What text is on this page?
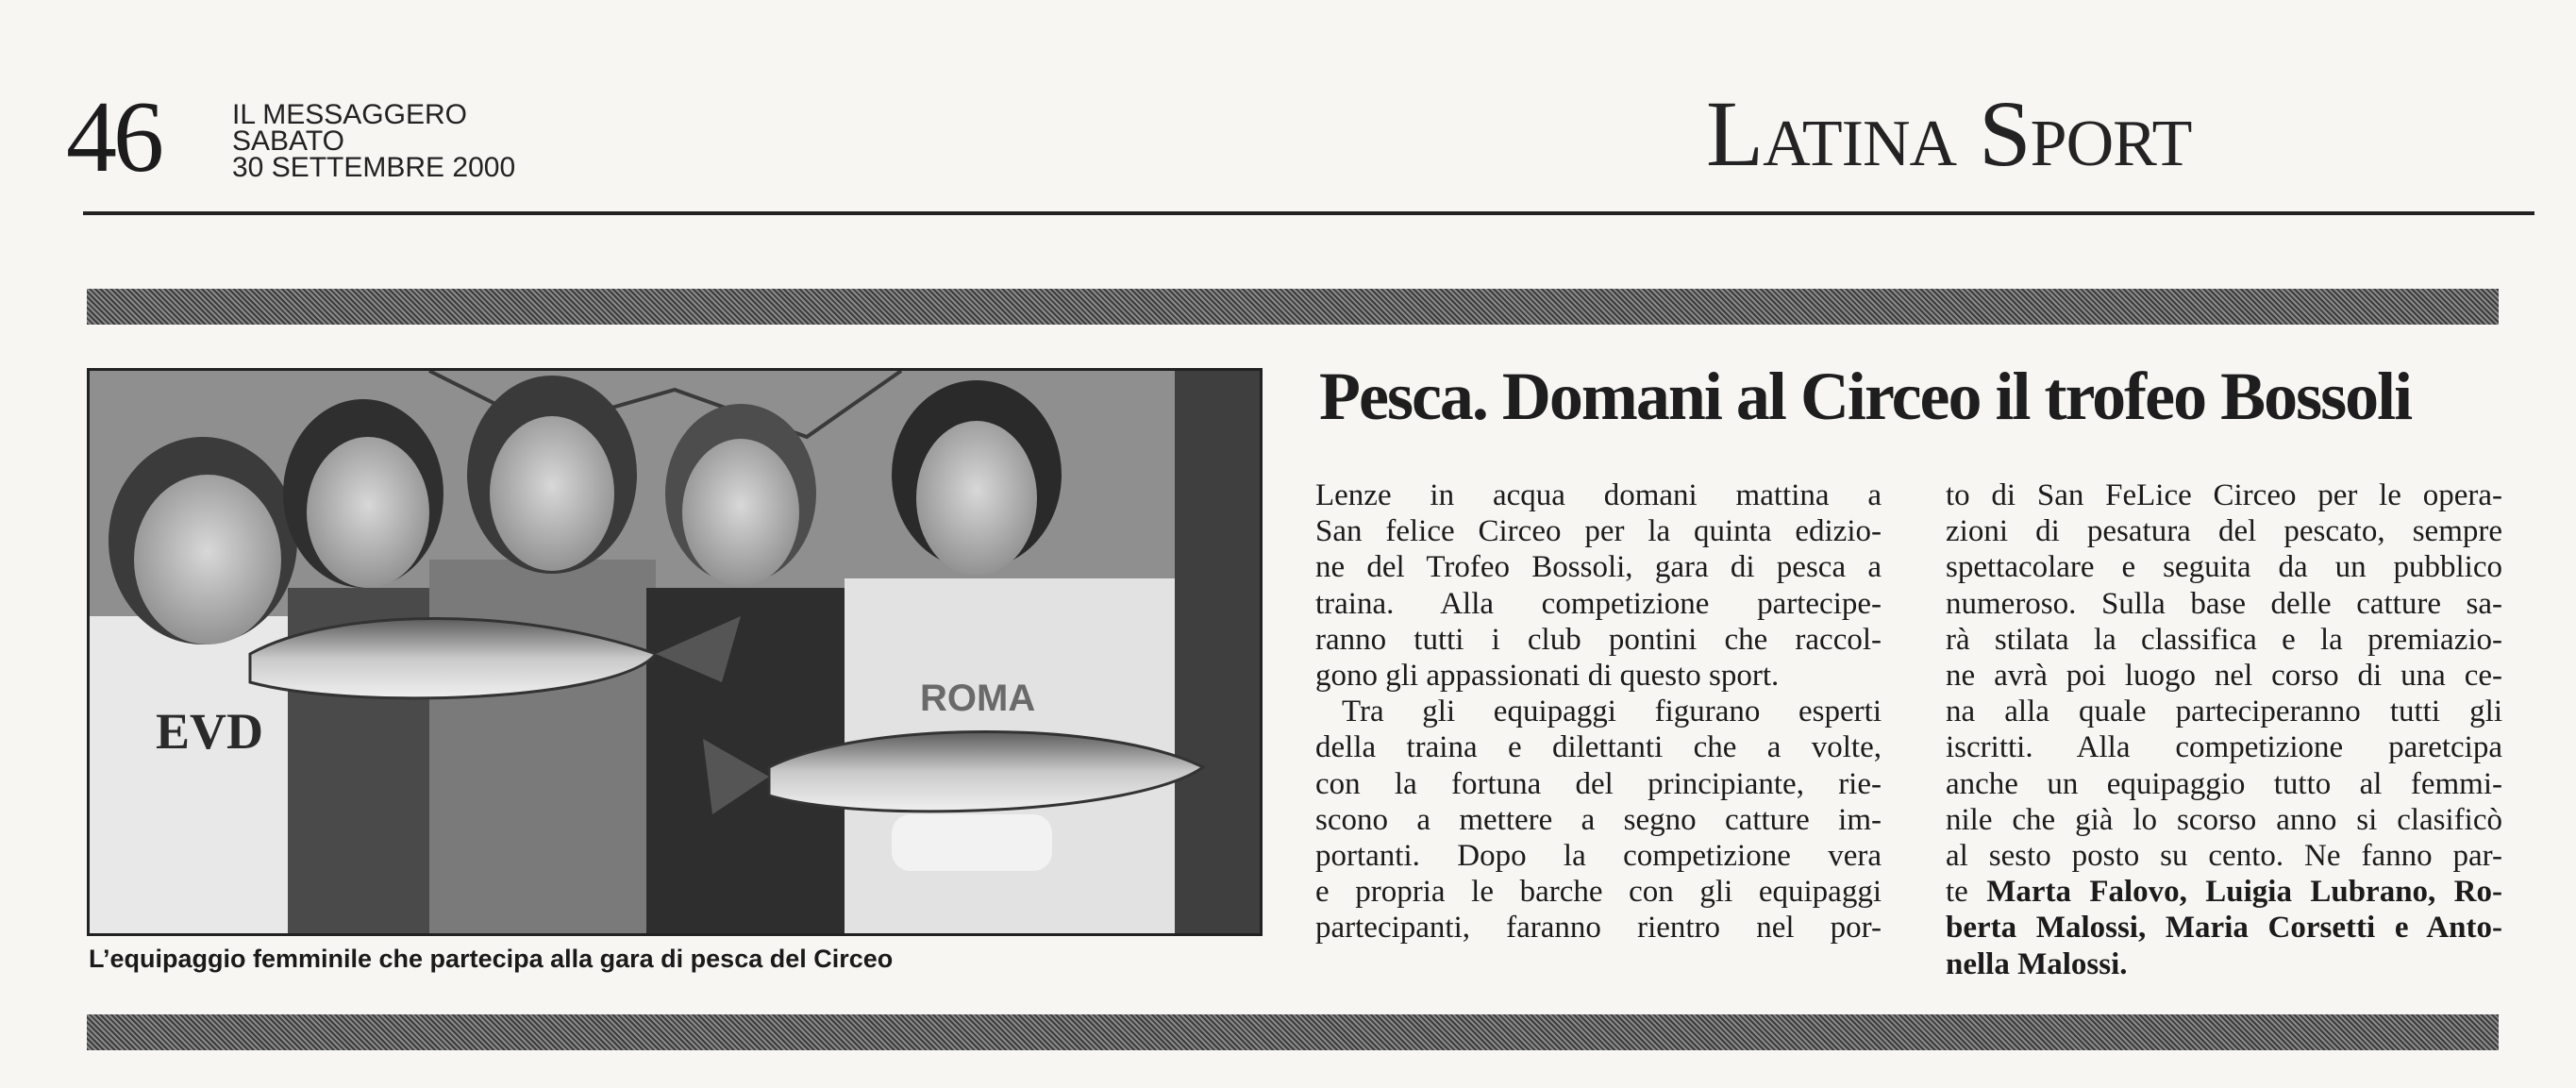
46	IL MESSAGGERO
SABATO
30 SETTEMBRE 2000	Latina Sport
EVD
ROMA
L’equipaggio femminile che partecipa alla gara di pesca del Circeo
Pesca. Domani al Circeo il trofeo Bossoli

Lenze in acqua domani mattina a

San felice Circeo per la quinta edizio-

ne del Trofeo Bossoli, gara di pesca a

traina. Alla competizione partecipe-

ranno tutti i club pontini che raccol-

gono gli appassionati di questo sport.

Tra gli equipaggi figurano esperti

della traina e dilettanti che a volte,

con la fortuna del principiante, rie-

scono a mettere a segno catture im-

portanti. Dopo la competizione vera

e propria le barche con gli equipaggi

partecipanti, faranno rientro nel por-

to di San FeLice Circeo per le opera-

zioni di pesatura del pescato, sempre

spettacolare e seguita da un pubblico

numeroso. Sulla base delle catture sa-

rà stilata la classifica e la premiazio-

ne avrà poi luogo nel corso di una ce-

na alla quale parteciperanno tutti gli

iscritti. Alla competizione paretcipa

anche un equipaggio tutto al femmi-

nile che già lo scorso anno si clasificò

al sesto posto su cento. Ne fanno par-

te Marta Falovo, Luigia Lubrano, Ro-

berta Malossi, Maria Corsetti e Anto-

nella Malossi.
